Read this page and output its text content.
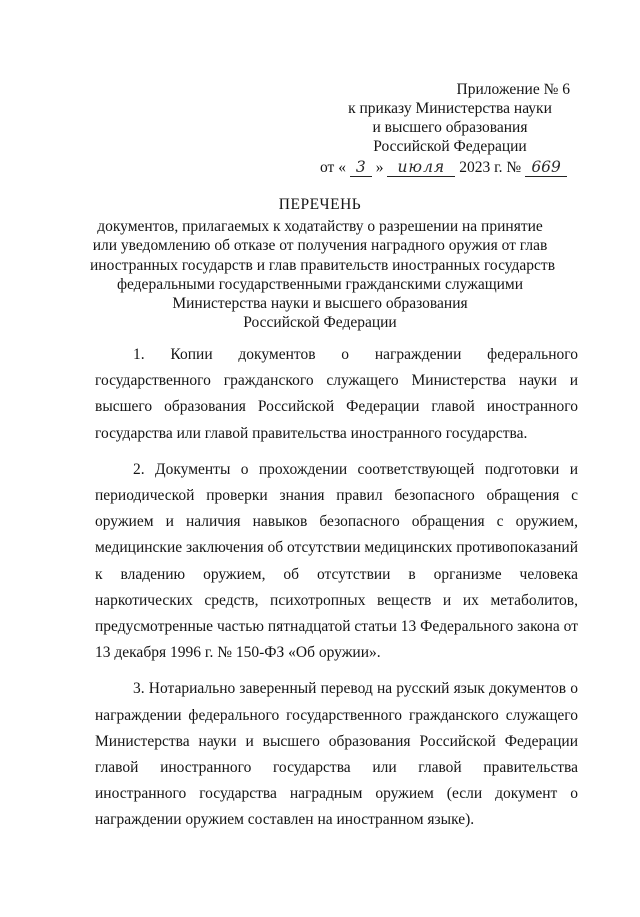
Приложение № 6
к приказу Министерства науки
и высшего образования
Российской Федерации
от « 3 » июля 2023 г. № 669
ПЕРЕЧЕНЬ
документов, прилагаемых к ходатайству о разрешении на принятие
или уведомлению об отказе от получения наградного оружия от глав
иностранных государств и глав правительств иностранных государств
федеральными государственными гражданскими служащими
Министерства науки и высшего образования
Российской Федерации

1. Копии документов о награждении федерального государственного гражданского служащего Министерства науки и высшего образования Российской Федерации главой иностранного государства или главой правительства иностранного государства.

2. Документы о прохождении соответствующей подготовки и периодической проверки знания правил безопасного обращения с оружием и наличия навыков безопасного обращения с оружием, медицинские заключения об отсутствии медицинских противопоказаний к владению оружием, об отсутствии в организме человека наркотических средств, психотропных веществ и их метаболитов, предусмотренные частью пятнадцатой статьи 13 Федерального закона от 13 декабря 1996 г. № 150-ФЗ «Об оружии».

3. Нотариально заверенный перевод на русский язык документов о награждении федерального государственного гражданского служащего Министерства науки и высшего образования Российской Федерации главой иностранного государства или главой правительства иностранного государства наградным оружием (если документ о награждении оружием составлен на иностранном языке).
